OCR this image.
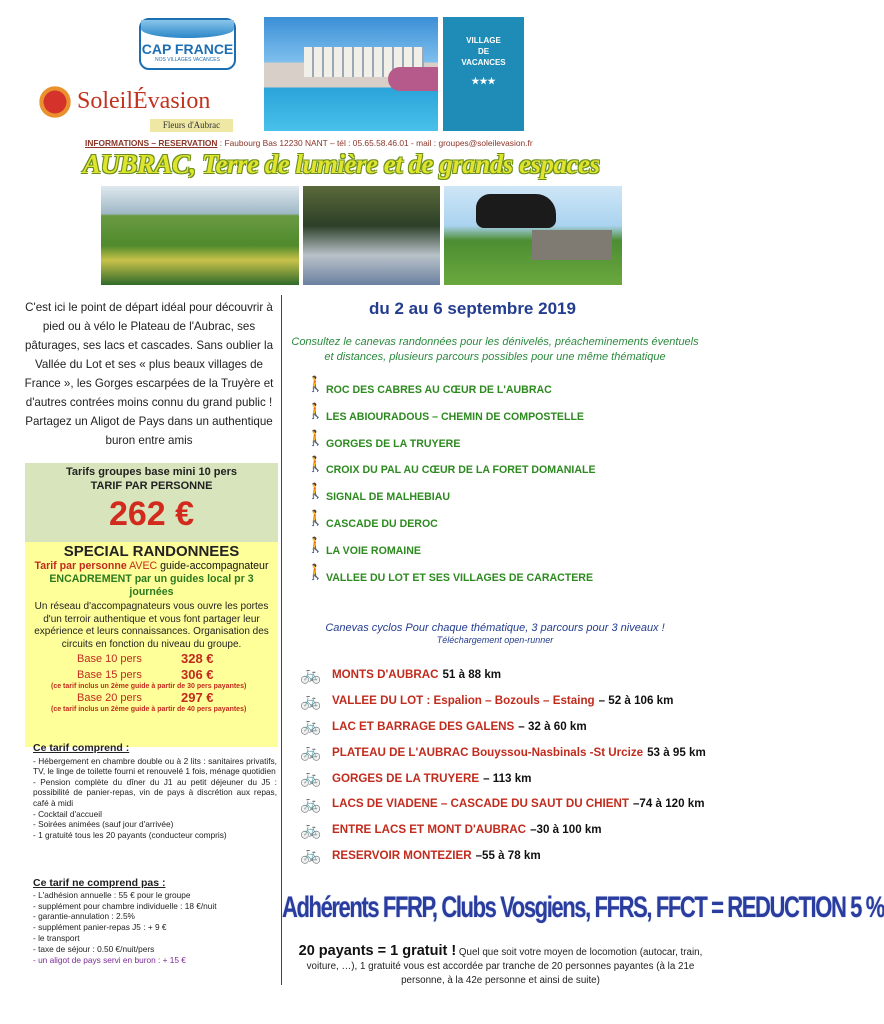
CAP FRANCE
NOS VILLAGES VACANCES
VILLAGE
DE
VACANCES
★★★
SoleilÉvasion
Fleurs d'Aubrac
INFORMATIONS – RESERVATION : Faubourg Bas 12230 NANT – tél : 05.65.58.46.01 - mail : groupes@soleilevasion.fr
AUBRAC, Terre de lumière et de grands espaces
C'est ici le point de départ idéal pour découvrir à pied ou à vélo le Plateau de l'Aubrac, ses pâturages, ses lacs et cascades. Sans oublier la Vallée du Lot et ses « plus beaux villages de France », les Gorges escarpées de la Truyère et d'autres contrées moins connu du grand public ! Partagez un Aligot de Pays dans un authentique buron entre amis
Tarifs groupes base mini 10 pers
TARIF PAR PERSONNE
262 €
SPECIAL RANDONNEES
Tarif par personne AVEC guide-accompagnateur
ENCADREMENT par un guides local pr 3 journées
Un réseau d'accompagnateurs vous ouvre les portes d'un terroir authentique et vous font partager leur expérience et leurs connaissances. Organisation des circuits en fonction du niveau du groupe.
Base 10 pers	328 €
Base 15 pers	306 €
(ce tarif inclus un 2ème guide à partir de 30 pers payantes)
Base 20 pers	297 €
(ce tarif inclus un 2ème guide à partir de 40 pers payantes)
Ce tarif comprend :
- Hébergement en chambre double ou à 2 lits : sanitaires privatifs, TV, le linge de toilette fourni et renouvelé 1 fois, ménage quotidien
- Pension complète du dîner du J1 au petit déjeuner du J5 : possibilité de panier-repas, vin de pays à discrétion aux repas, café à midi
- Cocktail d'accueil
- Soirées animées (sauf jour d'arrivée)
- 1 gratuité tous les 20 payants (conducteur compris)
Ce tarif ne comprend pas :
- L'adhésion annuelle : 55 € pour le groupe
- supplément pour chambre individuelle : 18 €/nuit
- garantie-annulation : 2.5%
- supplément panier-repas J5 : + 9 €
- le transport
- taxe de séjour : 0.50 €/nuit/pers
- un aligot de pays servi en buron : + 15 €
du 2 au 6 septembre 2019
Consultez le canevas randonnées pour les dénivelés, préacheminements éventuels et distances, plusieurs parcours possibles pour une même thématique
🚶 ROC DES CABRES AU CŒUR DE L'AUBRAC
🚶 LES ABIOURADOUS – CHEMIN DE COMPOSTELLE
🚶 GORGES DE LA TRUYERE
🚶 CROIX DU PAL AU CŒUR DE LA FORET DOMANIALE
🚶 SIGNAL DE MALHEBIAU
🚶 CASCADE DU DEROC
🚶 LA VOIE ROMAINE
🚶 VALLEE DU LOT ET SES VILLAGES DE CARACTERE
Canevas cyclos Pour chaque thématique, 3 parcours pour 3 niveaux !
Téléchargement open-runner
🚲 MONTS D'AUBRAC 51 à 88 km
🚲 VALLEE DU LOT : Espalion – Bozouls – Estaing – 52 à 106 km
🚲 LAC ET BARRAGE DES GALENS – 32 à 60 km
🚲 PLATEAU DE L'AUBRAC Bouyssou-Nasbinals -St Urcize 53 à 95 km
🚲 GORGES DE LA TRUYERE – 113 km
🚲 LACS DE VIADENE – CASCADE DU SAUT DU CHIENT –74 à 120 km
🚲 ENTRE LACS ET MONT D'AUBRAC –30 à 100 km
🚲 RESERVOIR MONTEZIER –55 à 78 km
Adhérents FFRP, Clubs Vosgiens, FFRS, FFCT = REDUCTION 5 %
20 payants = 1 gratuit ! Quel que soit votre moyen de locomotion (autocar, train, voiture, …), 1 gratuité vous est accordée par tranche de 20 personnes payantes (à la 21e personne, à la 42e personne et ainsi de suite)
